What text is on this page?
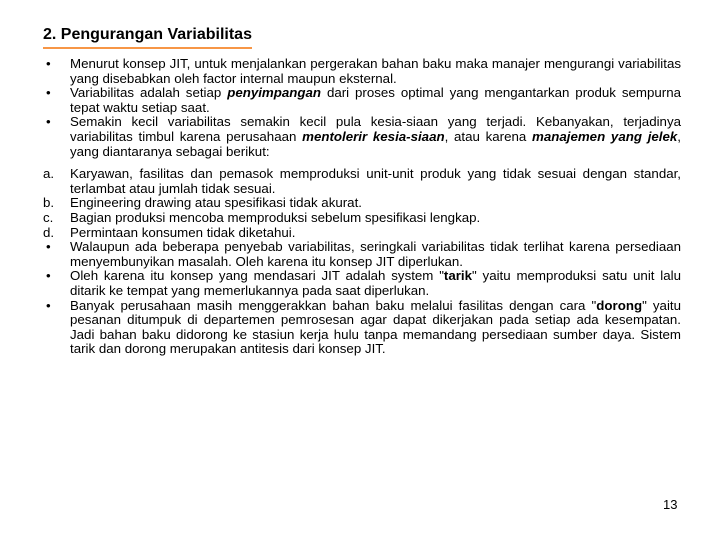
2. Pengurangan Variabilitas
•	Menurut konsep JIT, untuk menjalankan pergerakan bahan baku maka manajer mengurangi variabilitas yang disebabkan oleh factor internal maupun eksternal.
•	Variabilitas adalah setiap penyimpangan dari proses optimal yang mengantarkan produk sempurna tepat waktu setiap saat.
•	Semakin kecil variabilitas semakin kecil pula kesia-siaan yang terjadi. Kebanyakan, terjadinya variabilitas timbul karena perusahaan mentolerir kesia-siaan, atau karena manajemen yang jelek, yang diantaranya sebagai berikut:
a.	Karyawan, fasilitas dan pemasok memproduksi unit-unit produk yang tidak sesuai dengan standar, terlambat atau jumlah tidak sesuai.
b.	Engineering drawing atau spesifikasi tidak akurat.
c.	Bagian produksi mencoba memproduksi sebelum spesifikasi lengkap.
d.	Permintaan konsumen tidak diketahui.
•	Walaupun ada beberapa penyebab variabilitas, seringkali variabilitas tidak terlihat karena persediaan menyembunyikan masalah. Oleh karena itu konsep JIT diperlukan.
•	Oleh karena itu konsep yang mendasari JIT adalah system "tarik" yaitu memproduksi satu unit lalu ditarik ke tempat yang memerlukannya pada saat diperlukan.
•	Banyak perusahaan masih menggerakkan bahan baku melalui fasilitas dengan cara "dorong" yaitu pesanan ditumpuk di departemen pemrosesan agar dapat dikerjakan pada setiap ada kesempatan. Jadi bahan baku didorong ke stasiun kerja hulu tanpa memandang persediaan sumber daya. Sistem tarik dan dorong merupakan antitesis dari konsep JIT.
13
